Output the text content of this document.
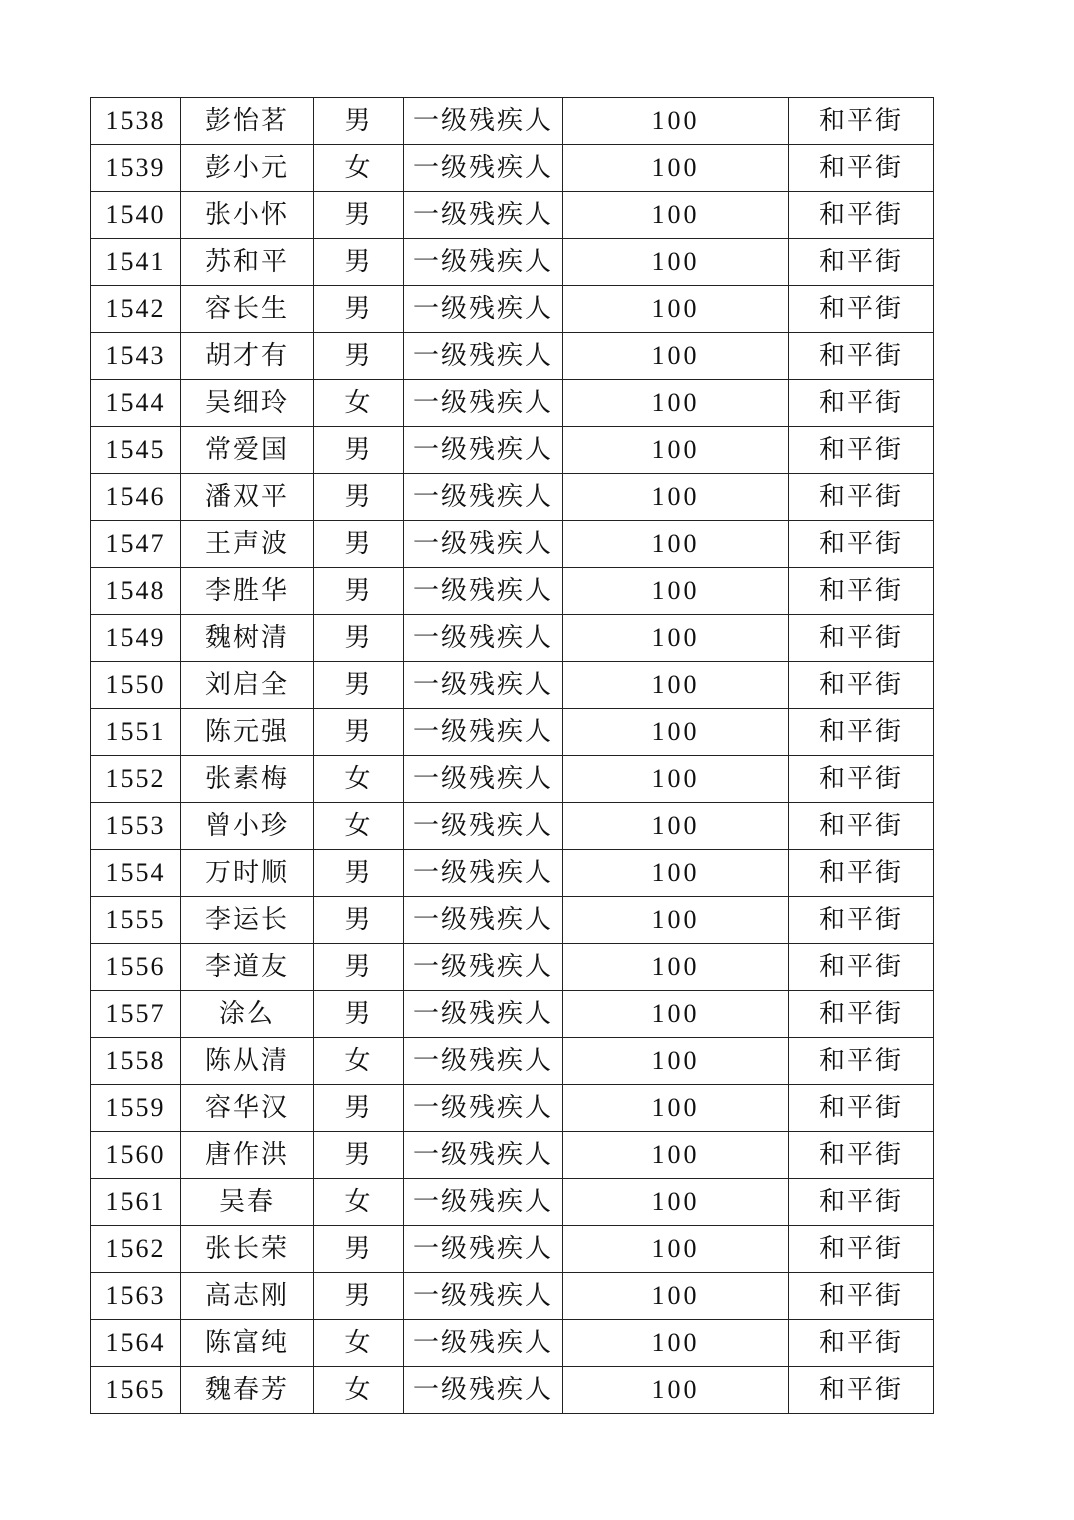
1538	彭怡茗	男	一级残疾人	100	和平街
1539	彭小元	女	一级残疾人	100	和平街
1540	张小怀	男	一级残疾人	100	和平街
1541	苏和平	男	一级残疾人	100	和平街
1542	容长生	男	一级残疾人	100	和平街
1543	胡才有	男	一级残疾人	100	和平街
1544	吴细玲	女	一级残疾人	100	和平街
1545	常爱国	男	一级残疾人	100	和平街
1546	潘双平	男	一级残疾人	100	和平街
1547	王声波	男	一级残疾人	100	和平街
1548	李胜华	男	一级残疾人	100	和平街
1549	魏树清	男	一级残疾人	100	和平街
1550	刘启全	男	一级残疾人	100	和平街
1551	陈元强	男	一级残疾人	100	和平街
1552	张素梅	女	一级残疾人	100	和平街
1553	曾小珍	女	一级残疾人	100	和平街
1554	万时顺	男	一级残疾人	100	和平街
1555	李运长	男	一级残疾人	100	和平街
1556	李道友	男	一级残疾人	100	和平街
1557	涂么	男	一级残疾人	100	和平街
1558	陈从清	女	一级残疾人	100	和平街
1559	容华汉	男	一级残疾人	100	和平街
1560	唐作洪	男	一级残疾人	100	和平街
1561	吴春	女	一级残疾人	100	和平街
1562	张长荣	男	一级残疾人	100	和平街
1563	高志刚	男	一级残疾人	100	和平街
1564	陈富纯	女	一级残疾人	100	和平街
1565	魏春芳	女	一级残疾人	100	和平街
